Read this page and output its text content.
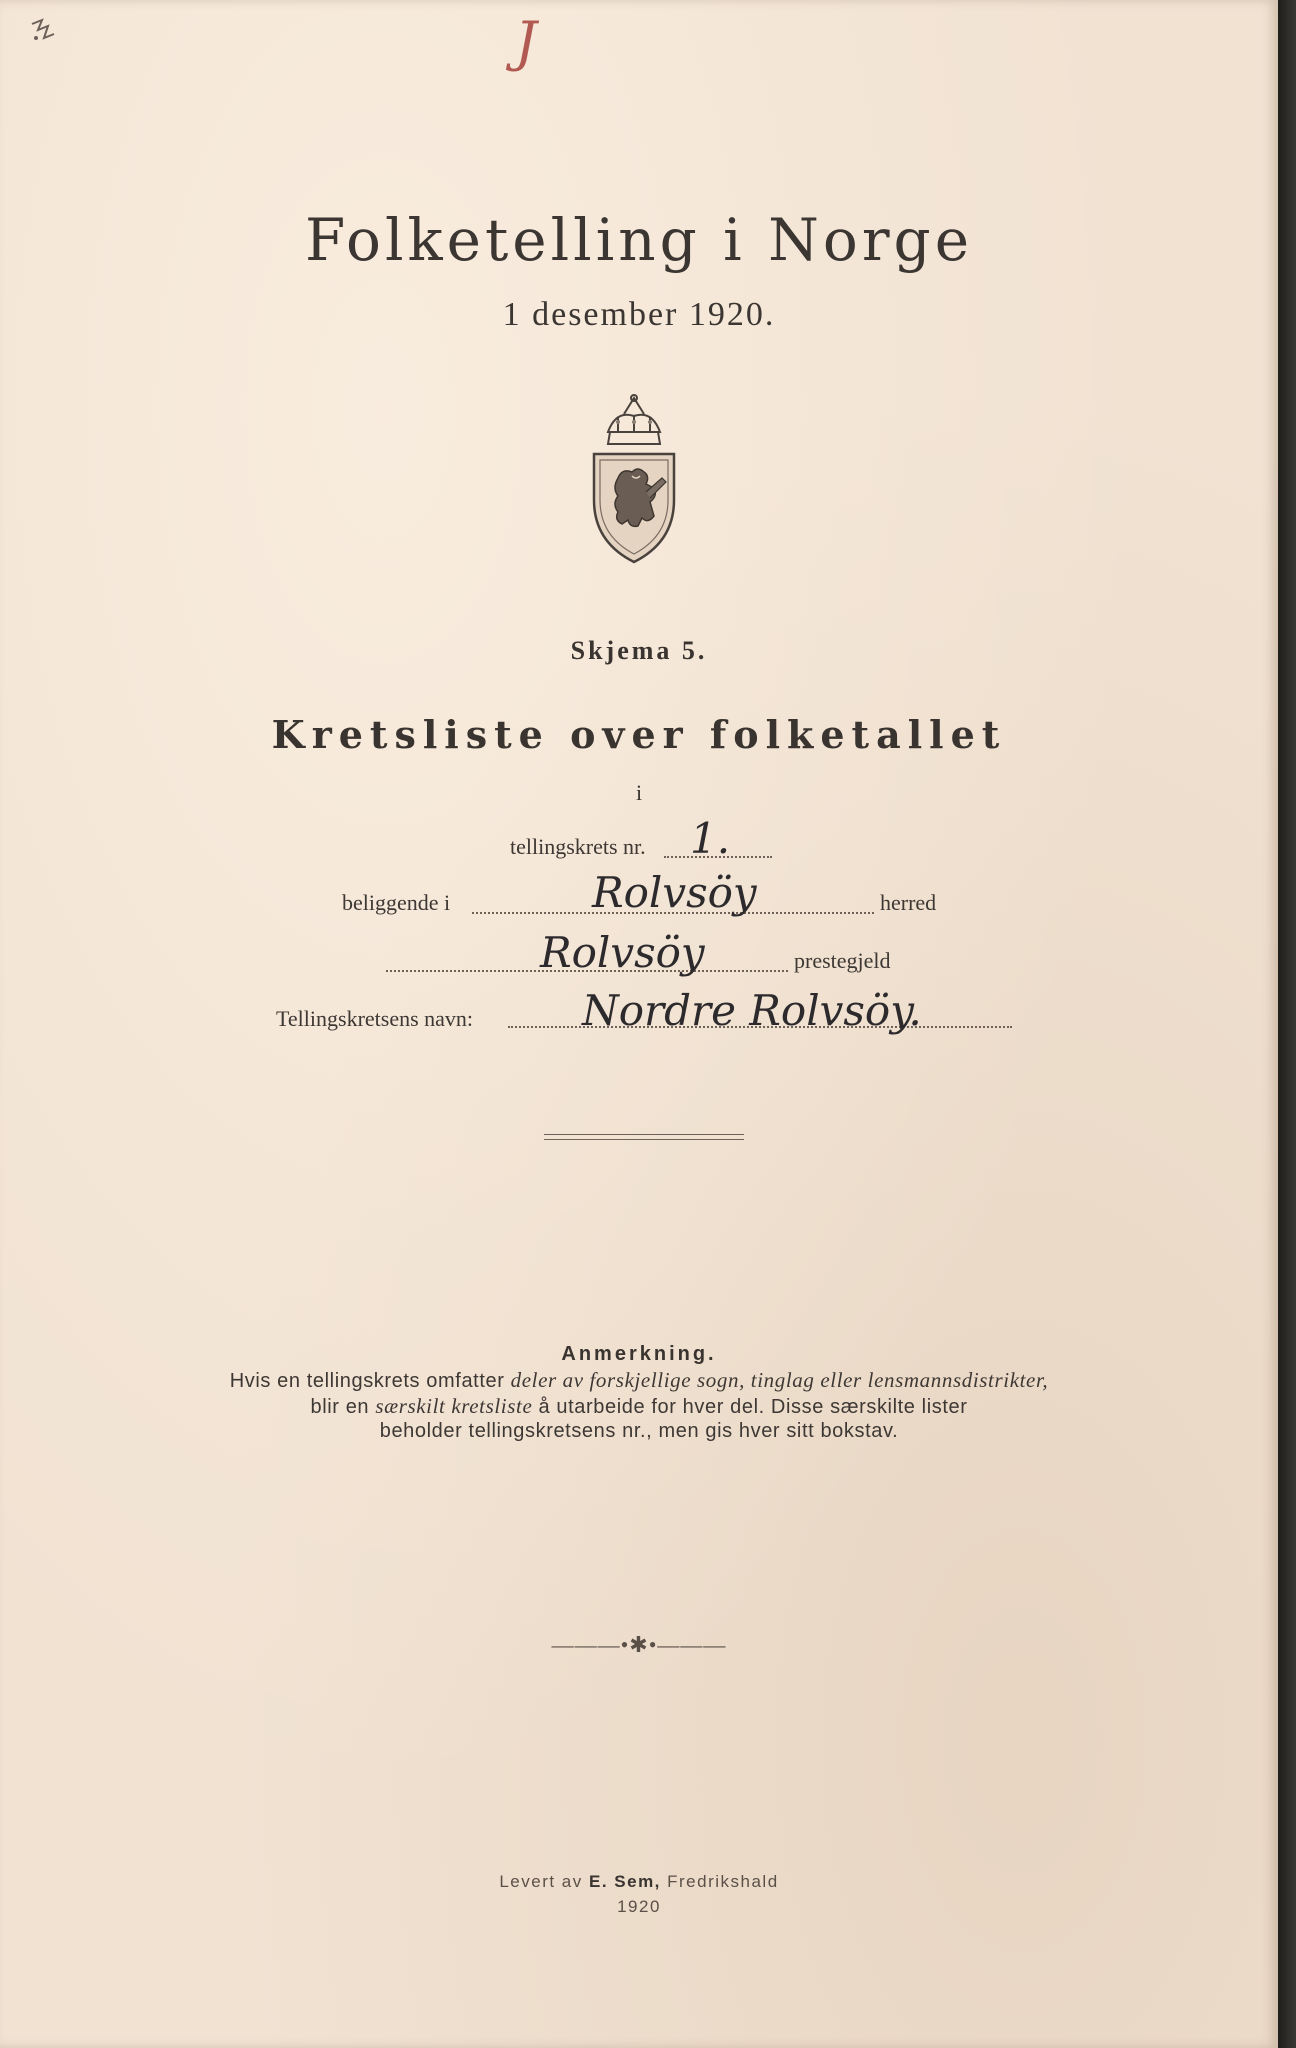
J
Folketelling i Norge
1 desember 1920.
Skjema 5.
Kretsliste over folketallet
i
tellingskrets nr. 1.
beliggende i	Rolvsöy	herred
Rolvsöy	prestegjeld
Tellingskretsens navn:	Nordre Rolvsöy.
Anmerkning.
Hvis en tellingskrets omfatter deler av forskjellige sogn, tinglag eller lensmannsdistrikter,
blir en særskilt kretsliste å utarbeide for hver del. Disse særskilte lister
beholder tellingskretsens nr., men gis hver sitt bokstav.
———•✱•———
Levert av E. Sem, Fredrikshald
1920
